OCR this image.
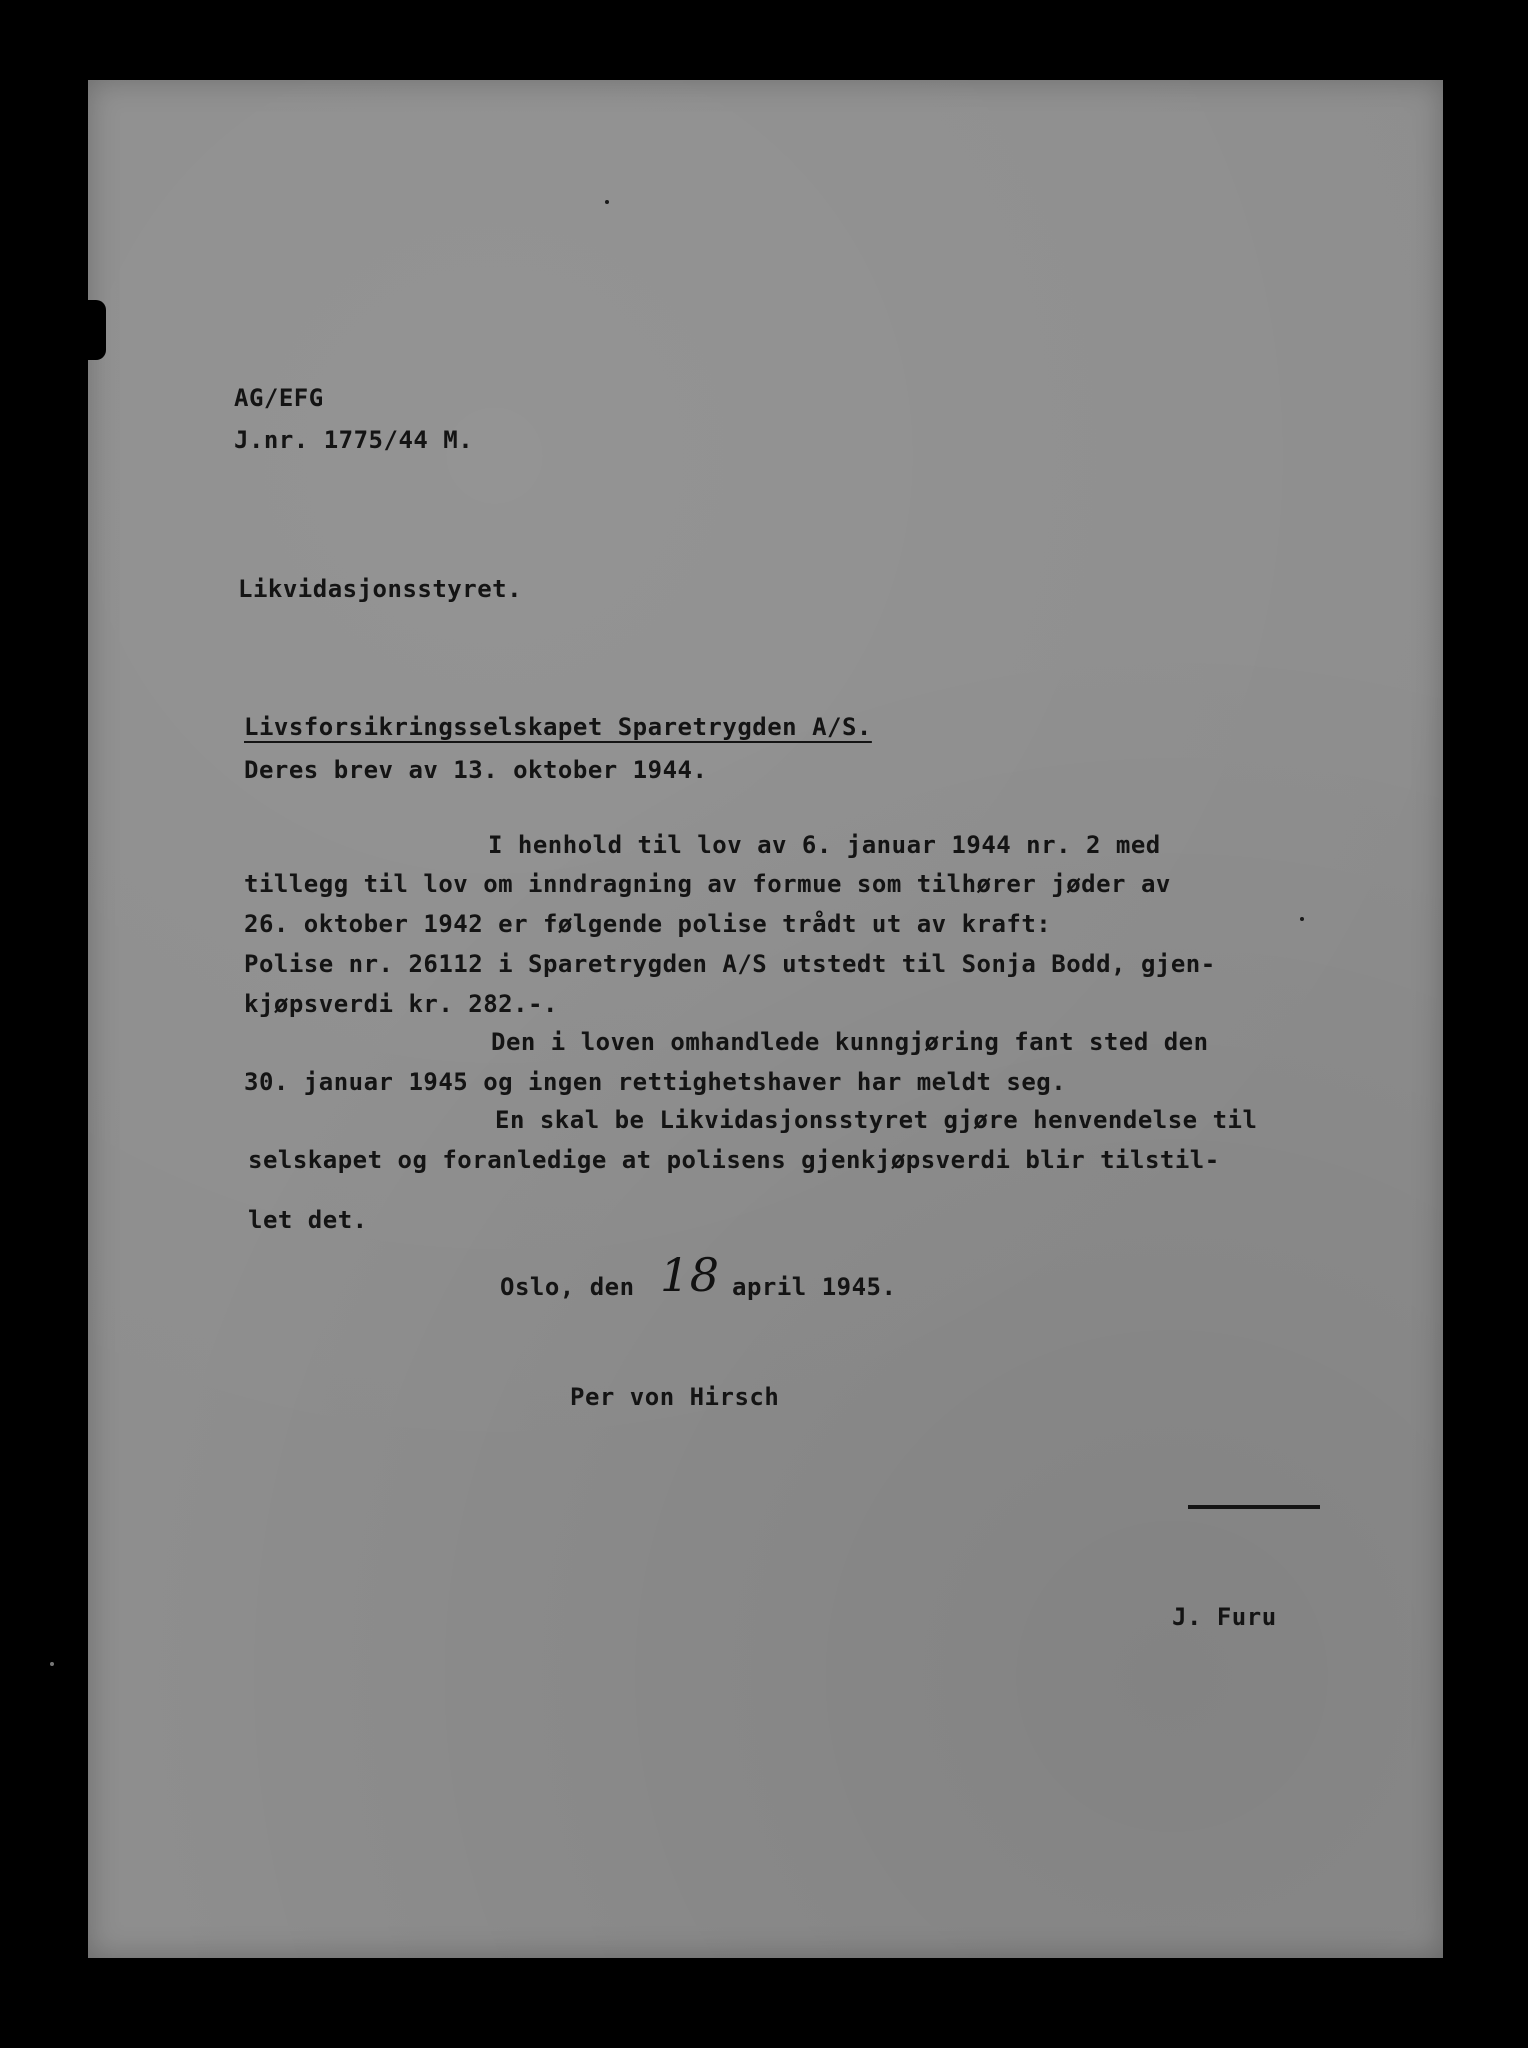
AG/EFG
J.nr. 1775/44 M.
Likvidasjonsstyret.
Livsforsikringsselskapet Sparetrygden A/S.
Deres brev av 13. oktober 1944.
I henhold til lov av 6. januar 1944 nr. 2 med
tillegg til lov om inndragning av formue som tilhører jøder av
26. oktober 1942 er følgende polise trådt ut av kraft:
Polise nr. 26112 i Sparetrygden A/S utstedt til Sonja Bodd, gjen-
kjøpsverdi kr. 282.-.
Den i loven omhandlede kunngjøring fant sted den
30. januar 1945 og ingen rettighetshaver har meldt seg.
En skal be Likvidasjonsstyret gjøre henvendelse til
selskapet og foranledige at polisens gjenkjøpsverdi blir tilstil-
let det.
Oslo, den 18 april 1945.
Per von Hirsch
J. Furu
